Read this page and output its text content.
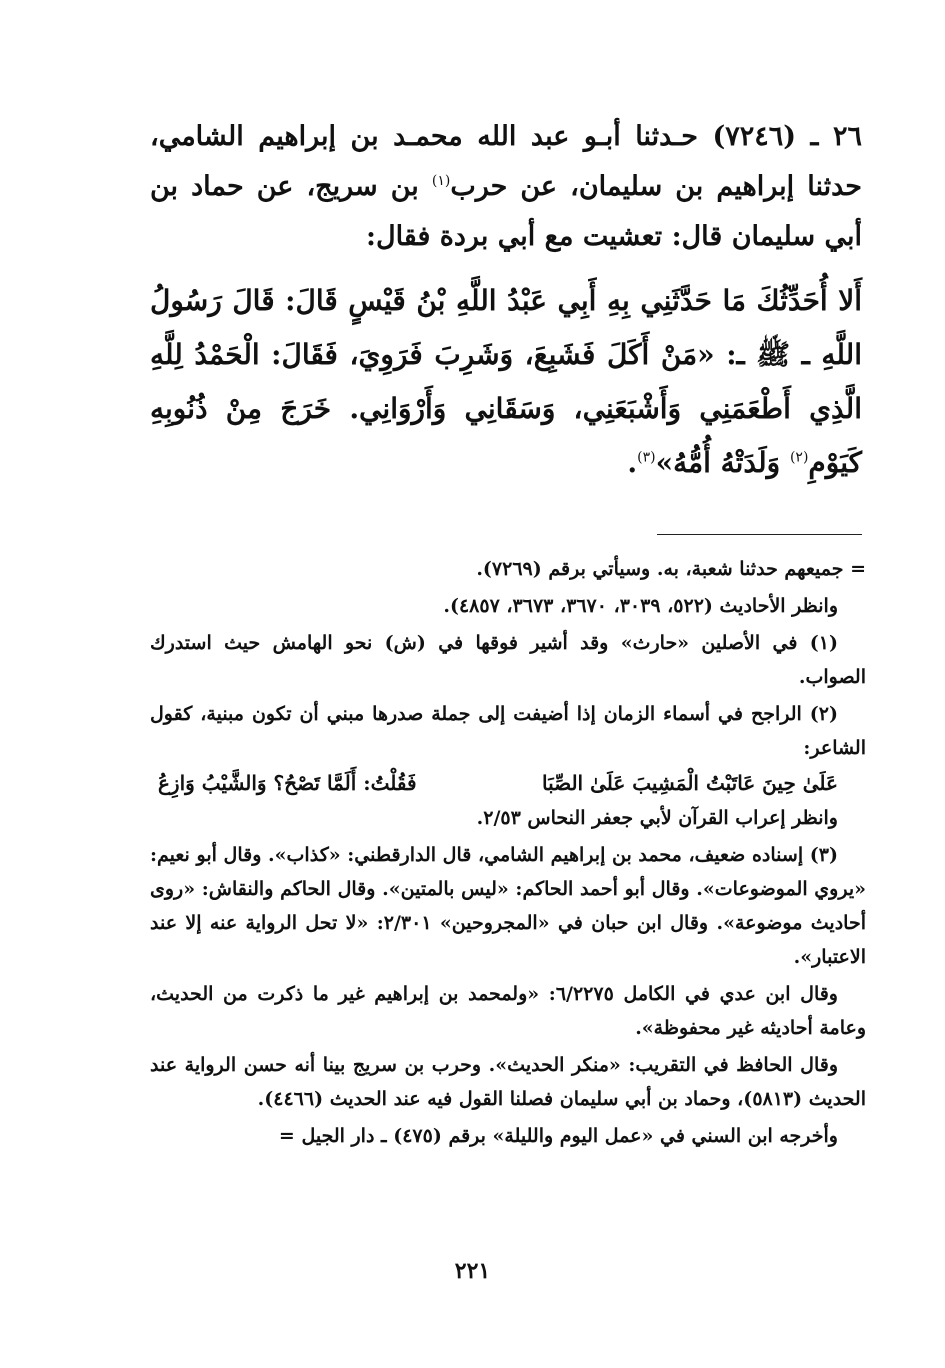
٢٦ ـ (٧٢٤٦) حـدثنا أبـو عبد الله محمـد بن إبراهيم الشامي، حدثنا إبراهيم بن سليمان، عن حرب$^{(١)}$ بن سريج، عن حماد بن أبي سليمان قال: تعشيت مع أبي بردة فقال:

أَلا أُحَدِّثُكَ مَا حَدَّثَنِي بِهِ أَبِي عَبْدُ اللَّهِ بْنُ قَيْسٍ قَالَ: قَالَ رَسُولُ اللَّهِ ـ ﷺ ـ: «مَنْ أَكَلَ فَشَبِعَ، وَشَرِبَ فَرَوِيَ، فَقَالَ: الْحَمْدُ لِلَّهِ الَّذِي أَطْعَمَنِي وَأَشْبَعَنِي، وَسَقَانِي وَأَرْوَانِي. خَرَجَ مِنْ ذُنُوبِهِ كَيَوْمِ$^{(٢)}$ وَلَدَتْهُ أُمُّهُ»$^{(٣)}$.

= جميعهم حدثنا شعبة، به. وسيأتي برقم (٧٢٦٩).

وانظر الأحاديث (٥٢٢، ٣٠٣٩، ٣٦٧٠، ٣٦٧٣، ٤٨٥٧).

(١) في الأصلين «حارث» وقد أشير فوقها في (ش) نحو الهامش حيث استدرك الصواب.

(٢) الراجح في أسماء الزمان إذا أضيفت إلى جملة صدرها مبني أن تكون مبنية، كقول الشاعر:

عَلَىٰ حِينَ عَاتَبْتُ الْمَشِيبَ عَلَىٰ الصِّبَا
فَقُلْتُ: أَلَمَّا تَصْحُ؟ وَالشَّيْبُ وَازِعُ

وانظر إعراب القرآن لأبي جعفر النحاس ٢/٥٣.

(٣) إسناده ضعيف، محمد بن إبراهيم الشامي، قال الدارقطني: «كذاب». وقال أبو نعيم: «يروي الموضوعات». وقال أبو أحمد الحاكم: «ليس بالمتين». وقال الحاكم والنقاش: «روى أحاديث موضوعة». وقال ابن حبان في «المجروحين» ٢/٣٠١: «لا تحل الرواية عنه إلا عند الاعتبار».

وقال ابن عدي في الكامل ٦/٢٢٧٥: «ولمحمد بن إبراهيم غير ما ذكرت من الحديث، وعامة أحاديثه غير محفوظة».

وقال الحافظ في التقريب: «منكر الحديث». وحرب بن سريج بينا أنه حسن الرواية عند الحديث (٥٨١٣)، وحماد بن أبي سليمان فصلنا القول فيه عند الحديث (٤٤٦٦).

وأخرجه ابن السني في «عمل اليوم والليلة» برقم (٤٧٥) ـ دار الجيل =

٢٢١
